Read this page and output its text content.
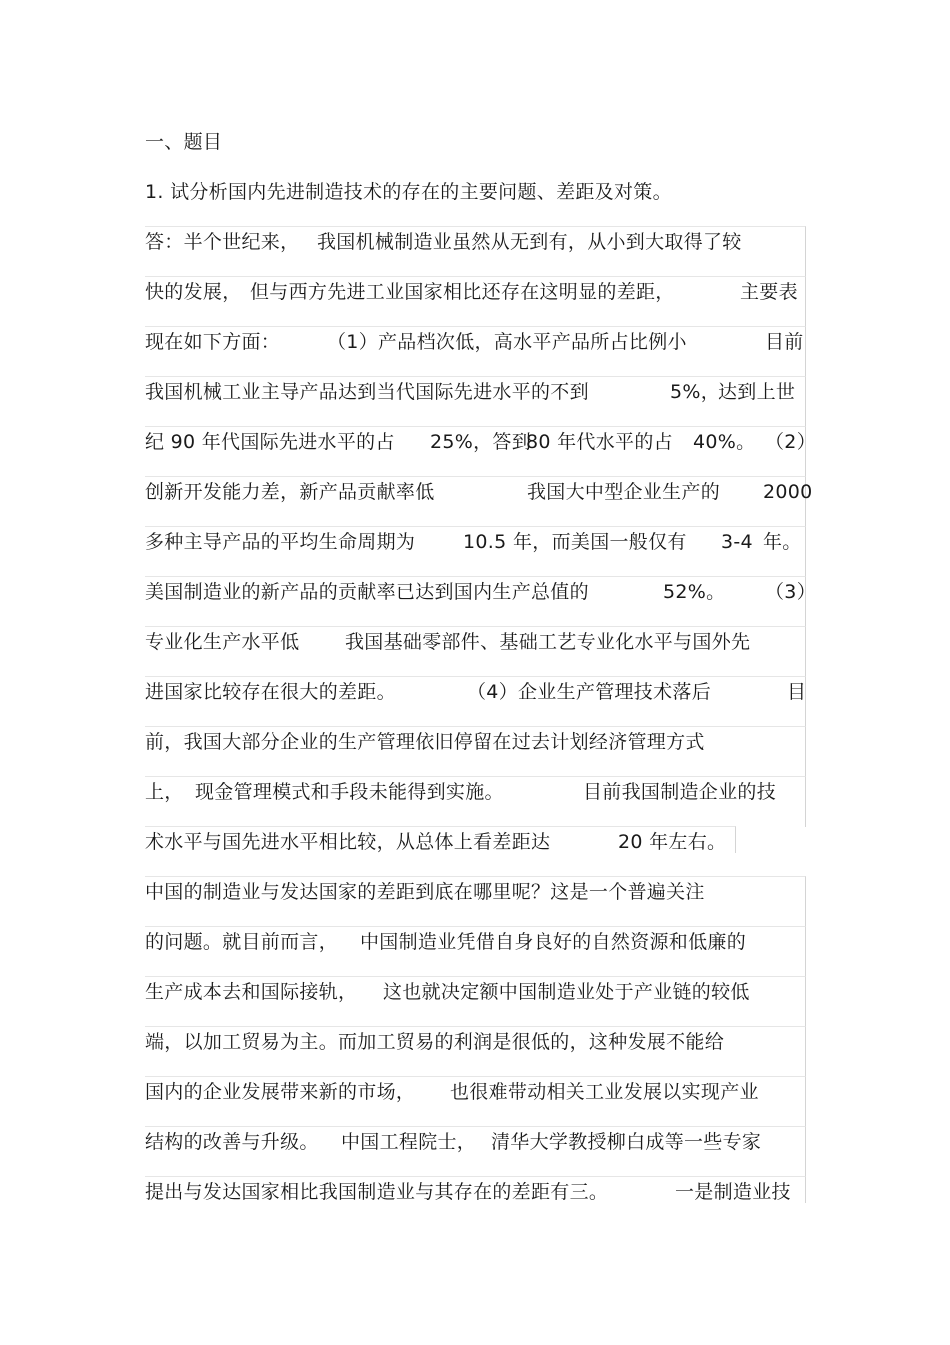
一、题目
1. 试分析国内先进制造技术的存在的主要问题、差距及对策。
答：半个世纪来， 我国机械制造业虽然从无到有，从小到大取得了较
快的发展， 但与西方先进工业国家相比还存在这明显的差距，	主要表
现在如下方面： （1）产品档次低，高水平产品所占比例小	目前
我国机械工业主导产品达到当代国际先进水平的不到	5%，
达到上世
纪 90 年代国际先进水平的占 25%，答到
80 年代水平的占 40%。 （2）
创新开发能力差，新产品贡献率低	我国大中型企业生产的 2000
多种主导产品的平均生命周期为	10.5 年，而美国一般仅有 3-4 年。
美国制造业的新产品的贡献率已达到国内生产总值的	52%。 （3）
专业化生产水平低 我国基础零部件、基础工艺专业化水平与国外先
进国家比较存在很大的差距。	（4）企业生产管理技术落后	目
前，我国大部分企业的生产管理依旧停留在过去计划经济管理方式
上， 现金管理模式和手段未能得到实施。	目前我国制造企业的技
术水平与国先进水平相比较，从总体上看差距达	20 年左右。
中国的制造业与发达国家的差距到底在哪里呢？这是一个普遍关注
的问题。就目前而言， 中国制造业凭借自身良好的自然资源和低廉的
生产成本去和国际接轨， 这也就决定额中国制造业处于产业链的较低
端，以加工贸易为主。而加工贸易的利润是很低的，这种发展不能给
国内的企业发展带来新的市场， 也很难带动相关工业发展以实现产业
结构的改善与升级。 中国工程院士， 清华大学教授柳白成等一些专家
提出与发达国家相比我国制造业与其存在的差距有三。	一是制造业技
